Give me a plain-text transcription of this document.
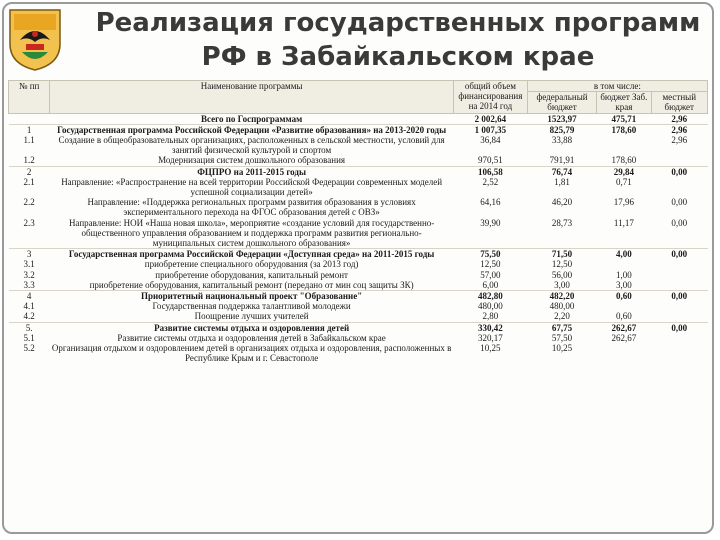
Реализация государственных программ РФ в Забайкальском крае
№ пп	Наименование программы	общий объем финансирования на 2014 год	в том числе:		
			федеральный бюджет	бюджет Заб. края	местный бюджет
	Всего по Госпрограммам	2 002,64	1523,97	475,71	2,96
1	Государственная программа Российской Федерации «Развитие образования» на 2013-2020 годы	1 007,35	825,79	178,60	2,96
1.1	Создание в общеобразовательных организациях, расположенных в сельской местности, условий для занятий физической культурой и спортом	36,84	33,88		2,96
1.2	Модернизация систем дошкольного образования	970,51	791,91	178,60	
2	ФЦПРО на 2011-2015 годы	106,58	76,74	29,84	0,00
2.1	Направление: «Распространение на всей территории Российской Федерации современных моделей успешной социализации детей»	2,52	1,81	0,71	
2.2	Направление: «Поддержка региональных программ развития образования в условиях экспериментального перехода на ФГОС образования детей с ОВЗ»	64,16	46,20	17,96	0,00
2.3	Направление: НОИ «Наша новая школа», мероприятие «создание условий для государственно-общественного управления образованием и поддержка программ развития регионально-муниципальных систем дошкольного образования»	39,90	28,73	11,17	0,00
3	Государственная программа Российской Федерации «Доступная среда» на 2011-2015 годы	75,50	71,50	4,00	0,00
3.1	приобретение специального оборудования (за 2013 год)	12,50	12,50		
3.2	приобретение оборудования, капитальный ремонт	57,00	56,00	1,00	
3.3	приобретение оборудования, капитальный ремонт (передано от мин соц защиты ЗК)	6,00	3,00	3,00	
4	Приоритетный национальный проект "Образование"	482,80	482,20	0,60	0,00
4.1	Государственная поддержка талантливой молодежи	480,00	480,00		
4.2	Поощрение лучших учителей	2,80	2,20	0,60	
5.	Развитие системы отдыха и оздоровления детей	330,42	67,75	262,67	0,00
5.1	Развитие системы отдыха и оздоровления детей в Забайкальском крае	320,17	57,50	262,67	
5.2	Организация отдыхом и оздоровлением детей в организациях отдыха и оздоровления, расположенных в Республике Крым и г. Севастополе	10,25	10,25		
